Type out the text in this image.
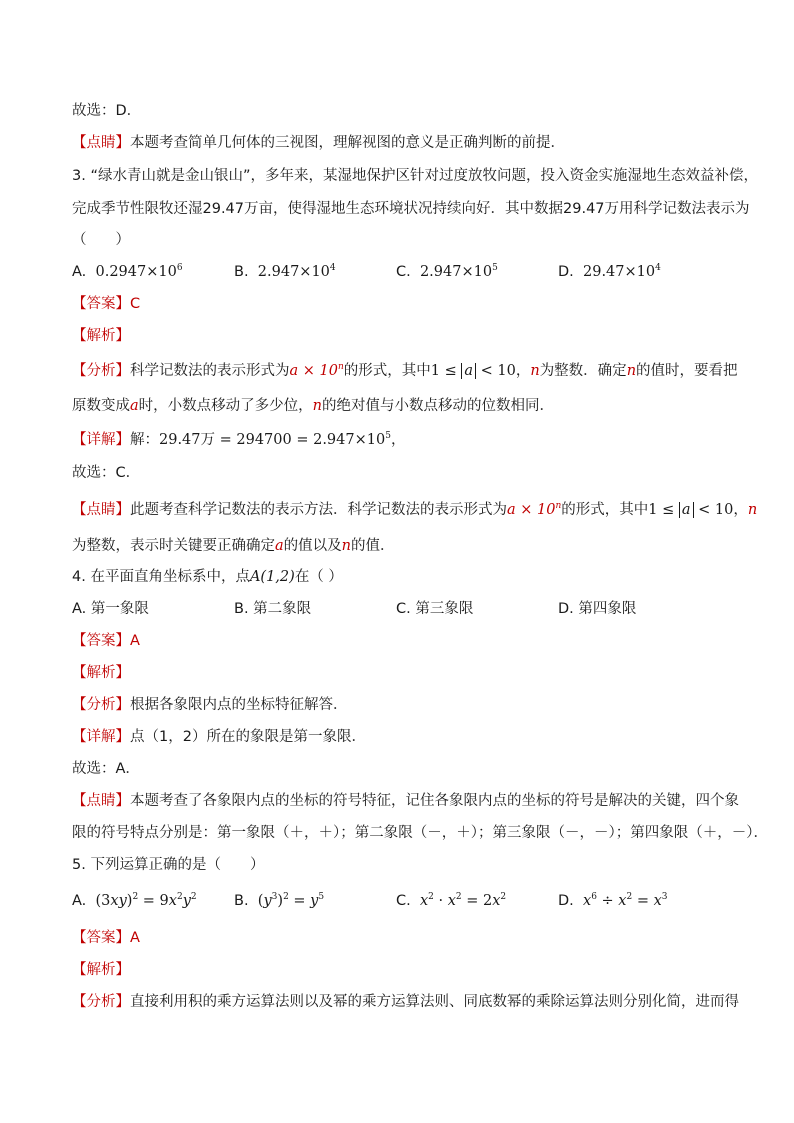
故选：D．
【点睛】本题考查简单几何体的三视图，理解视图的意义是正确判断的前提．
3. “绿水青山就是金山银山”，多年来，某湿地保护区针对过度放牧问题，投入资金实施湿地生态效益补偿，
完成季节性限牧还湿29.47万亩，使得湿地生态环境状况持续向好．其中数据29.47万用科学记数法表示为
（　　）
A. $0.2947\times 10^6$	B. $2.947\times 10^4$	C. $2.947\times 10^5$	D. $29.47\times 10^4$
【答案】C
【解析】
【分析】科学记数法的表示形式为$a \times 10^n$的形式，其中1 ≤ a < 10，n为整数．确定n的值时，要看把
原数变成a时，小数点移动了多少位，n的绝对值与小数点移动的位数相同．
【详解】解：29.47万 = $294700 = 2.947\times 10^5$，
故选：C．
【点睛】此题考查科学记数法的表示方法．科学记数法的表示形式为$a \times 10^n$的形式，其中1 ≤ a < 10，n
为整数，表示时关键要正确确定a的值以及n的值．
4. 在平面直角坐标系中，点A(1,2)在（ ）
A. 第一象限	B. 第二象限	C. 第三象限	D. 第四象限
【答案】A
【解析】
【分析】根据各象限内点的坐标特征解答．
【详解】点（1，2）所在的象限是第一象限．
故选：A．
【点睛】本题考查了各象限内点的坐标的符号特征，记住各象限内点的坐标的符号是解决的关键，四个象
限的符号特点分别是：第一象限（＋，＋）；第二象限（－，＋）；第三象限（－，－）；第四象限（＋，－）．
5. 下列运算正确的是（　　）
A. $(3xy)^2 = 9x^2y^2$	B. $(y^3)^2 = y^5$	C. $x^2 \cdot x^2 = 2x^2$	D. $x^6 \div x^2 = x^3$
【答案】A
【解析】
【分析】直接利用积的乘方运算法则以及幂的乘方运算法则、同底数幂的乘除运算法则分别化简，进而得
